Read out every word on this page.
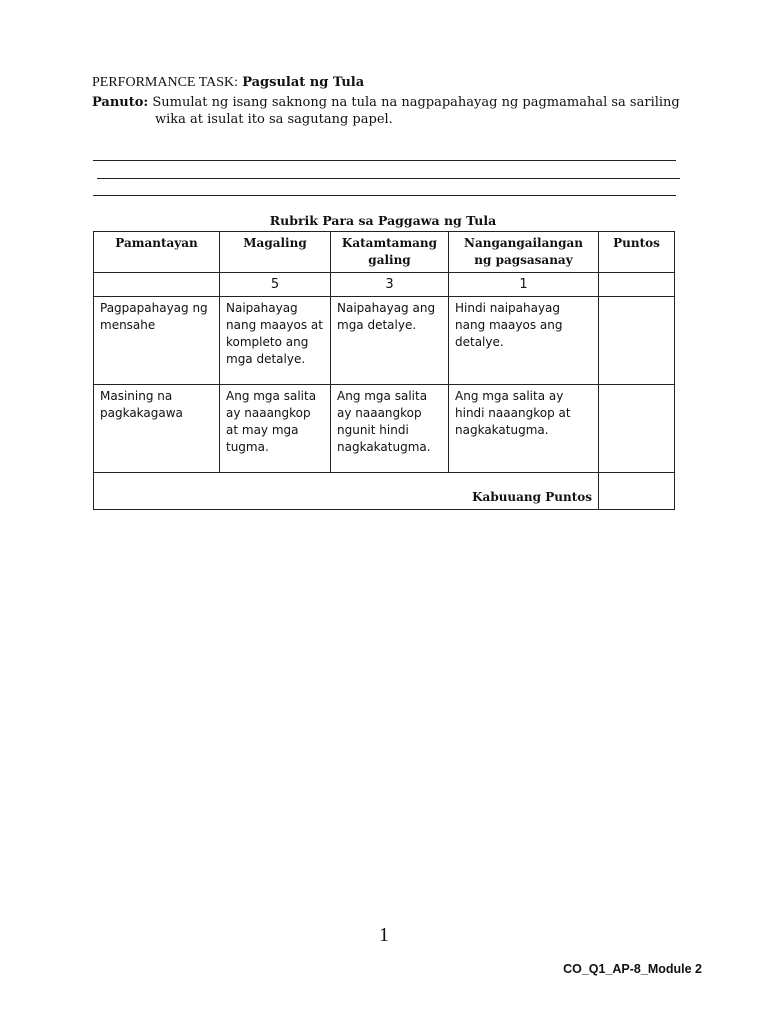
PERFORMANCE TASK: Pagsulat ng Tula
Panuto: Sumulat ng isang saknong na tula na nagpapahayag ng pagmamahal sa sariling
wika at isulat ito sa sagutang papel.
Rubrik Para sa Paggawa ng Tula
Pamantayan	Magaling	Katamtamang galing	Nangangailangan ng pagsasanay	Puntos
	5	3	1	
Pagpapahayag ng mensahe	Naipahayag nang maayos at kompleto ang mga detalye.	Naipahayag ang mga detalye.	Hindi naipahayag nang maayos ang detalye.	
Masining na pagkakagawa	Ang mga salita ay naaangkop at may mga tugma.	Ang mga salita ay naaangkop ngunit hindi nagkakatugma.	Ang mga salita ay hindi naaangkop at nagkakatugma.	
Kabuuang Puntos				
1
CO_Q1_AP-8_Module 2
